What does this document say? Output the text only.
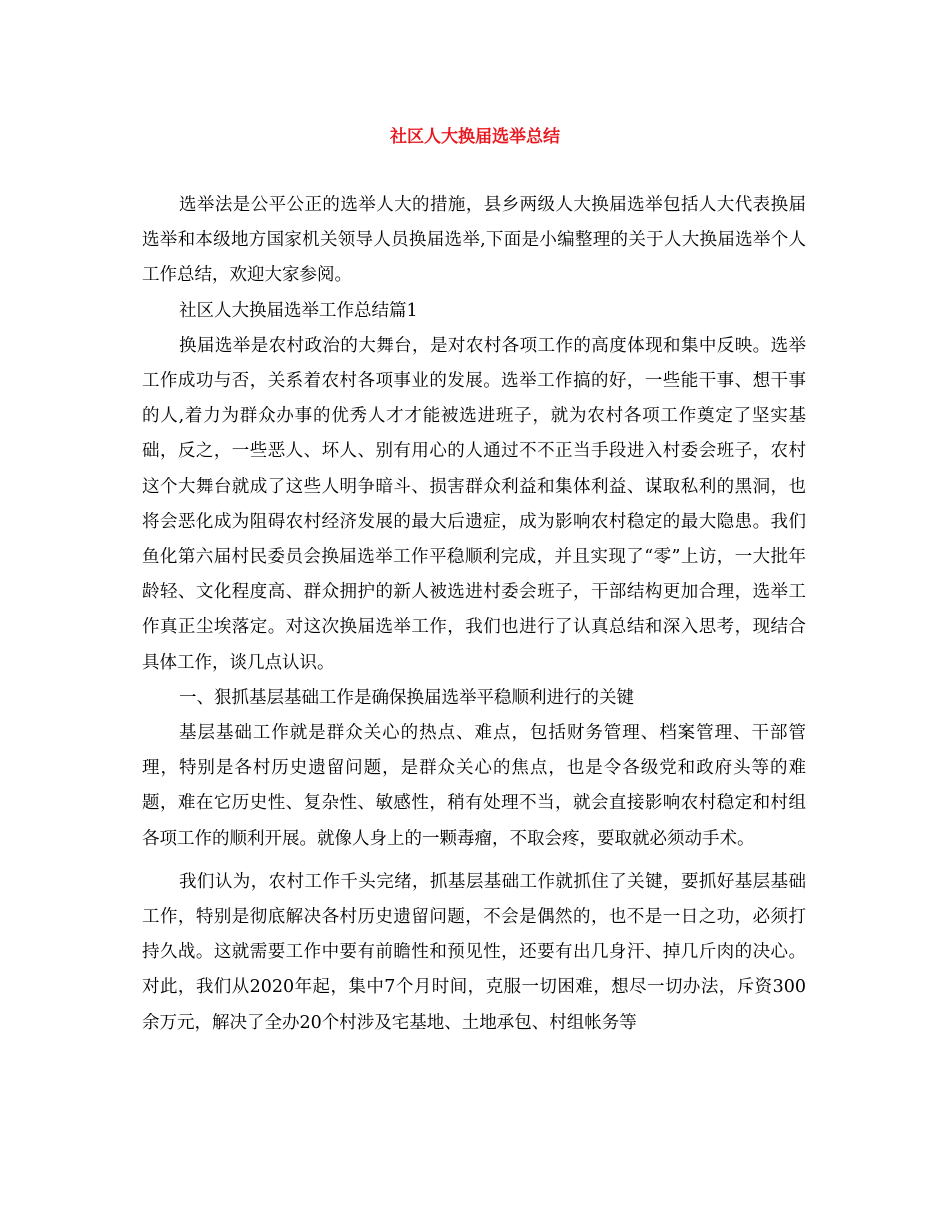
社区人大换届选举总结

选举法是公平公正的选举人大的措施，县乡两级人大换届选举包括人大代表换届选举和本级地方国家机关领导人员换届选举,下面是小编整理的关于人大换届选举个人工作总结，欢迎大家参阅。

社区人大换届选举工作总结篇1

换届选举是农村政治的大舞台，是对农村各项工作的高度体现和集中反映。选举工作成功与否，关系着农村各项事业的发展。选举工作搞的好，一些能干事、想干事的人,着力为群众办事的优秀人才才能被选进班子，就为农村各项工作奠定了坚实基础，反之，一些恶人、坏人、别有用心的人通过不不正当手段进入村委会班子，农村这个大舞台就成了这些人明争暗斗、损害群众利益和集体利益、谋取私利的黑洞，也将会恶化成为阻碍农村经济发展的最大后遗症，成为影响农村稳定的最大隐患。我们鱼化第六届村民委员会换届选举工作平稳顺利完成，并且实现了“零”上访，一大批年龄轻、文化程度高、群众拥护的新人被选进村委会班子，干部结构更加合理，选举工作真正尘埃落定。对这次换届选举工作，我们也进行了认真总结和深入思考，现结合具体工作，谈几点认识。

一、狠抓基层基础工作是确保换届选举平稳顺利进行的关键

基层基础工作就是群众关心的热点、难点，包括财务管理、档案管理、干部管理，特别是各村历史遗留问题，是群众关心的焦点，也是令各级党和政府头等的难题，难在它历史性、复杂性、敏感性，稍有处理不当，就会直接影响农村稳定和村组各项工作的顺利开展。就像人身上的一颗毒瘤，不取会疼，要取就必须动手术。

我们认为，农村工作千头完绪，抓基层基础工作就抓住了关键，要抓好基层基础工作，特别是彻底解决各村历史遗留问题，不会是偶然的，也不是一日之功，必须打持久战。这就需要工作中要有前瞻性和预见性，还要有出几身汗、掉几斤肉的决心。对此，我们从2020年起，集中7个月时间，克服一切困难，想尽一切办法，斥资300余万元，解决了全办20个村涉及宅基地、土地承包、村组帐务等
